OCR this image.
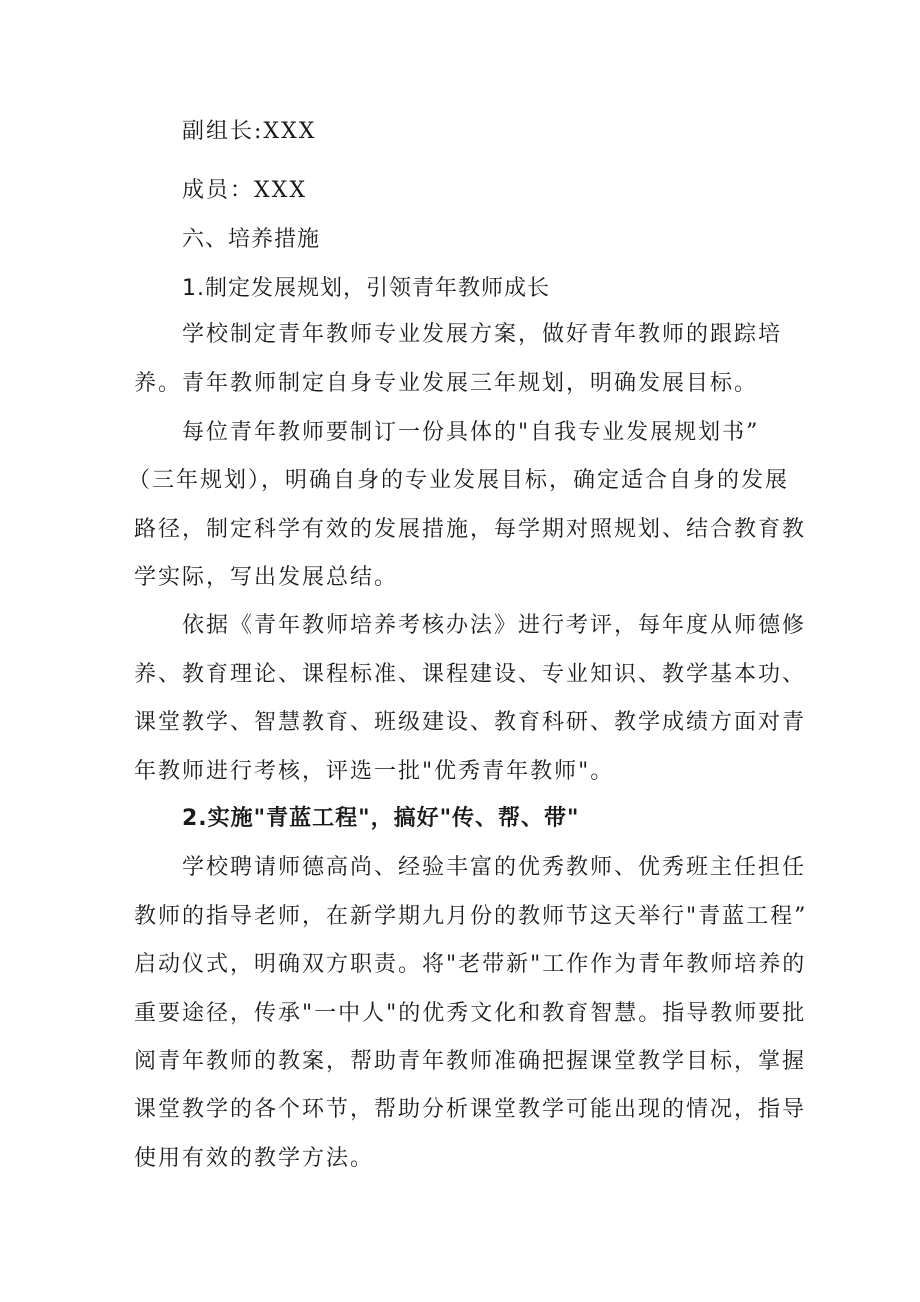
副组长:XXX
成员：XXX
六、培养措施
1.制定发展规划，引领青年教师成长
学校制定青年教师专业发展方案，做好青年教师的跟踪培
养。青年教师制定自身专业发展三年规划，明确发展目标。
每位青年教师要制订一份具体的"自我专业发展规划书”
（三年规划），明确自身的专业发展目标，确定适合自身的发展
路径，制定科学有效的发展措施，每学期对照规划、结合教育教
学实际，写出发展总结。
依据《青年教师培养考核办法》进行考评，每年度从师德修
养、教育理论、课程标准、课程建设、专业知识、教学基本功、
课堂教学、智慧教育、班级建设、教育科研、教学成绩方面对青
年教师进行考核，评选一批"优秀青年教师"。
2.实施"青蓝工程"，搞好"传、帮、带"
学校聘请师德高尚、经验丰富的优秀教师、优秀班主任担任
教师的指导老师，在新学期九月份的教师节这天举行"青蓝工程”
启动仪式，明确双方职责。将"老带新"工作作为青年教师培养的
重要途径，传承"一中人"的优秀文化和教育智慧。指导教师要批
阅青年教师的教案，帮助青年教师准确把握课堂教学目标，掌握
课堂教学的各个环节，帮助分析课堂教学可能出现的情况，指导
使用有效的教学方法。
